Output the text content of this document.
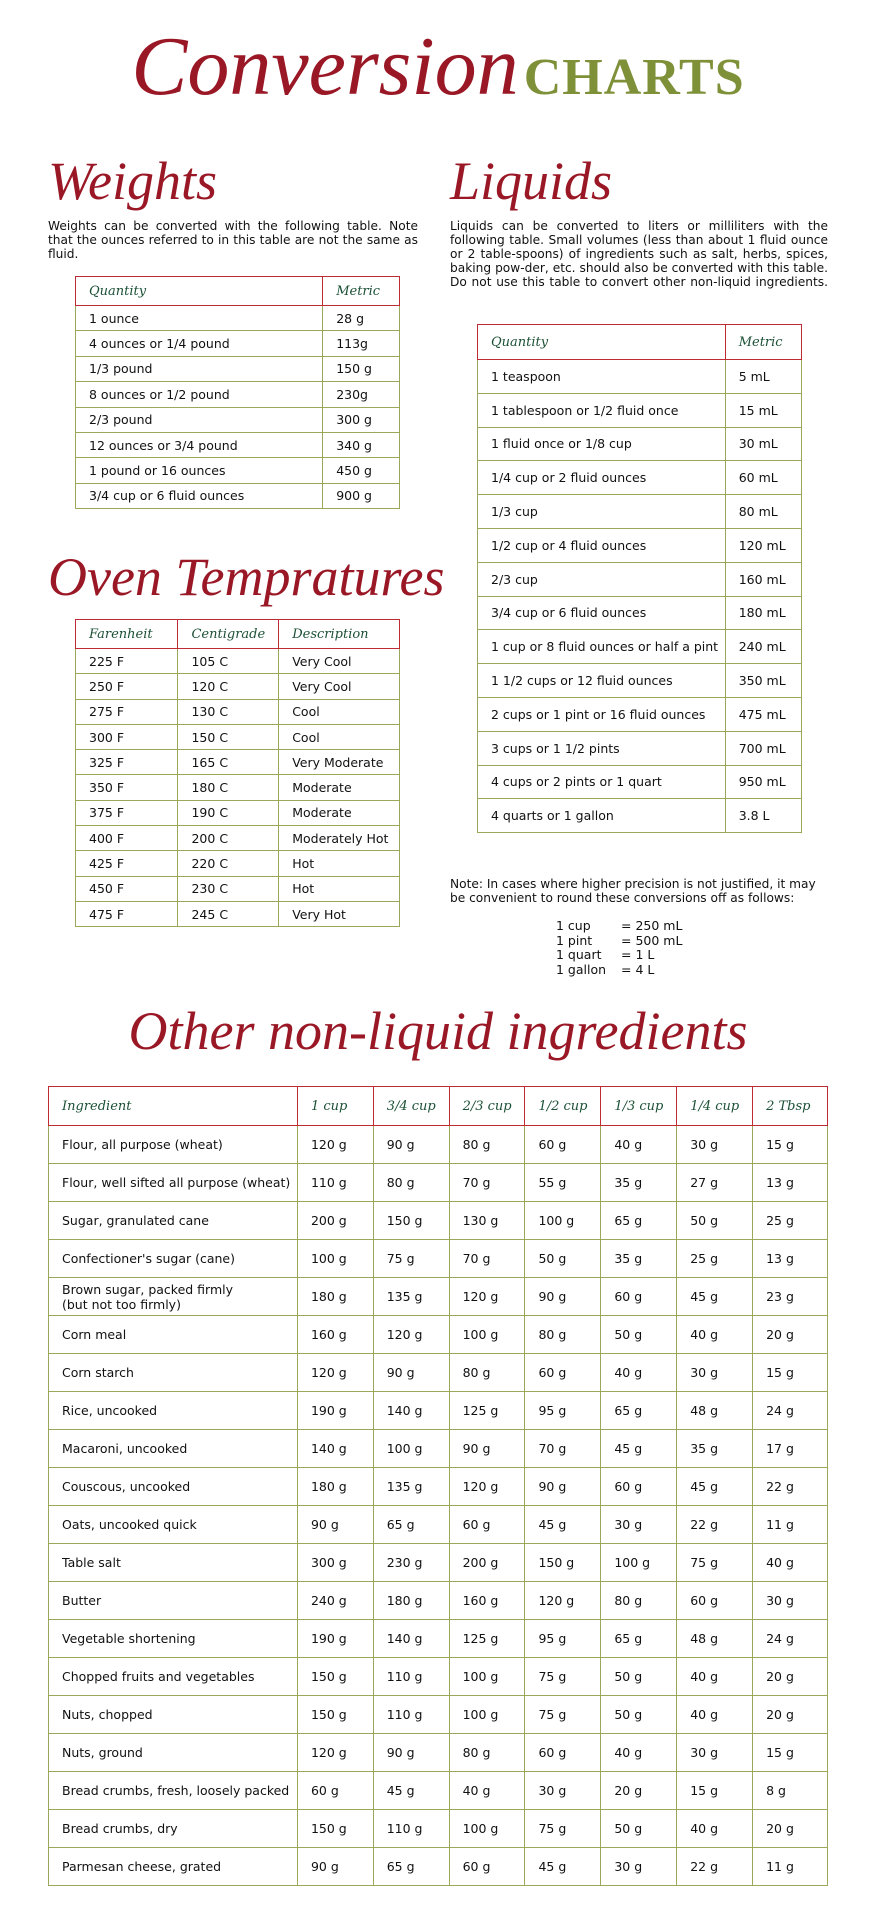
Conversion CHARTS
Weights
Weights can be converted with the following table. Note that the ounces referred to in this table are not the same as fluid.
Quantity	Metric
1 ounce	28 g
4 ounces or 1/4 pound	113g
1/3 pound	150 g
8 ounces or 1/2 pound	230g
2/3 pound	300 g
12 ounces or 3/4 pound	340 g
1 pound or 16 ounces	450 g
3/4 cup or 6 fluid ounces	900 g
Oven Tempratures
Farenheit	Centigrade	Description
225 F	105 C	Very Cool
250 F	120 C	Very Cool
275 F	130 C	Cool
300 F	150 C	Cool
325 F	165 C	Very Moderate
350 F	180 C	Moderate
375 F	190 C	Moderate
400 F	200 C	Moderately Hot
425 F	220 C	Hot
450 F	230 C	Hot
475 F	245 C	Very Hot
Liquids
Liquids can be converted to liters or milliliters with the following table. Small volumes (less than about 1 fluid ounce or 2 table-spoons) of ingredients such as salt, herbs, spices, baking pow-der, etc. should also be converted with this table. Do not use this table to convert other non-liquid ingredients.
Quantity	Metric
1 teaspoon	5 mL
1 tablespoon or 1/2 fluid once	15 mL
1 fluid once or 1/8 cup	30 mL
1/4 cup or 2 fluid ounces	60 mL
1/3 cup	80 mL
1/2 cup or 4 fluid ounces	120 mL
2/3 cup	160 mL
3/4 cup or 6 fluid ounces	180 mL
1 cup or 8 fluid ounces or half a pint	240 mL
1 1/2 cups or 12 fluid ounces	350 mL
2 cups or 1 pint or 16 fluid ounces	475 mL
3 cups or 1 1/2 pints	700 mL
4 cups or 2 pints or 1 quart	950 mL
4 quarts or 1 gallon	3.8 L
Note: In cases where higher precision is not justified, it may be convenient to round these conversions off as follows:
1 cup	= 250 mL
1 pint	= 500 mL
1 quart	= 1 L
1 gallon	= 4 L
Other non-liquid ingredients
Ingredient	1 cup	3/4 cup	2/3 cup	1/2 cup	1/3 cup	1/4 cup	2 Tbsp
Flour, all purpose (wheat)	120 g	90 g	80 g	60 g	40 g	30 g	15 g
Flour, well sifted all purpose (wheat)	110 g	80 g	70 g	55 g	35 g	27 g	13 g
Sugar, granulated cane	200 g	150 g	130 g	100 g	65 g	50 g	25 g
Confectioner's sugar (cane)	100 g	75 g	70 g	50 g	35 g	25 g	13 g
Brown sugar, packed firmly
(but not too firmly)	180 g	135 g	120 g	90 g	60 g	45 g	23 g
Corn meal	160 g	120 g	100 g	80 g	50 g	40 g	20 g
Corn starch	120 g	90 g	80 g	60 g	40 g	30 g	15 g
Rice, uncooked	190 g	140 g	125 g	95 g	65 g	48 g	24 g
Macaroni, uncooked	140 g	100 g	90 g	70 g	45 g	35 g	17 g
Couscous, uncooked	180 g	135 g	120 g	90 g	60 g	45 g	22 g
Oats, uncooked quick	90 g	65 g	60 g	45 g	30 g	22 g	11 g
Table salt	300 g	230 g	200 g	150 g	100 g	75 g	40 g
Butter	240 g	180 g	160 g	120 g	80 g	60 g	30 g
Vegetable shortening	190 g	140 g	125 g	95 g	65 g	48 g	24 g
Chopped fruits and vegetables	150 g	110 g	100 g	75 g	50 g	40 g	20 g
Nuts, chopped	150 g	110 g	100 g	75 g	50 g	40 g	20 g
Nuts, ground	120 g	90 g	80 g	60 g	40 g	30 g	15 g
Bread crumbs, fresh, loosely packed	60 g	45 g	40 g	30 g	20 g	15 g	8 g
Bread crumbs, dry	150 g	110 g	100 g	75 g	50 g	40 g	20 g
Parmesan cheese, grated	90 g	65 g	60 g	45 g	30 g	22 g	11 g
